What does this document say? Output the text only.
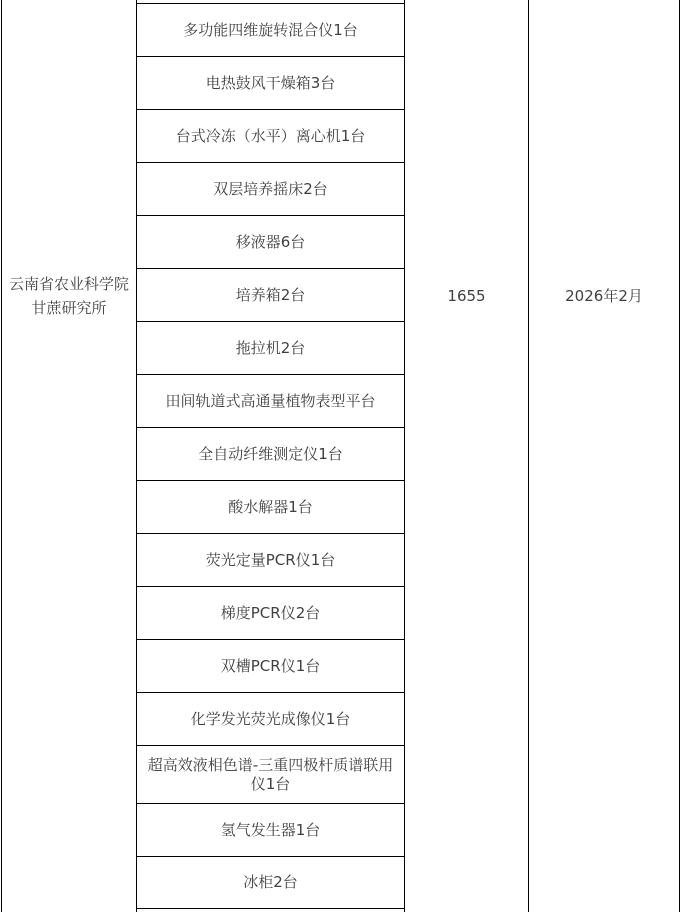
云南省农业科学院
甘蔗研究所
多功能四维旋转混合仪1台
电热鼓风干燥箱3台
台式冷冻（水平）离心机1台
双层培养摇床2台
移液器6台
培养箱2台
拖拉机2台
田间轨道式高通量植物表型平台
全自动纤维测定仪1台
酸水解器1台
荧光定量PCR仪1台
梯度PCR仪2台
双槽PCR仪1台
化学发光荧光成像仪1台
超高效液相色谱-三重四极杆质谱联用仪1台
氢气发生器1台
冰柜2台
1655	2026年2月
